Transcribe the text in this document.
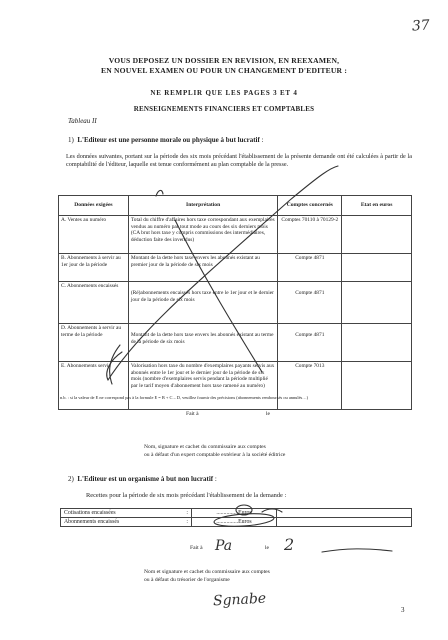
37
VOUS DEPOSEZ UN DOSSIER EN REVISION, EN REEXAMEN,
EN NOUVEL EXAMEN OU POUR UN CHANGEMENT D'EDITEUR :
NE REMPLIR QUE LES PAGES 3 ET 4
RENSEIGNEMENTS FINANCIERS ET COMPTABLES
Tableau II
1) L'Editeur est une personne morale ou physique à but lucratif :
Les données suivantes, portant sur la période des six mois précédant l'établissement de la présente demande ont été calculées à partir de la comptabilité de l'éditeur, laquelle est tenue conformément au plan comptable de la presse.
Données exigées	Interprétation	Comptes concernés	Etat en euros
A. Ventes au numéro	Total du chiffre d'affaires hors taxe correspondant aux exemplaires vendus au numéro par tout mode au cours des six derniers mois (CA brut hors taxe y compris commissions des intermédiaires, déduction faite des invendus)	Comptes 70110 à 70129-2	
B. Abonnements à servir au 1er jour de la période	Montant de la dette hors taxe envers les abonnés existant au premier jour de la période de six mois	Compte 4871	
C. Abonnements encaissés	(Ré)abonnements encaissés hors taxe entre le 1er jour et le dernier jour de la période de six mois	Compte 4871	
D. Abonnements à servir au terme de la période	Montant de la dette hors taxe envers les abonnés existant au terme de la période de six mois	Compte 4871	
E. Abonnements servis	Valorisation hors taxe du nombre d'exemplaires payants servis aux abonnés entre le 1er jour et le dernier jour de la période de six mois (nombre d'exemplaires servis pendant la période multiplié par le tarif moyen d'abonnement hors taxe ramené au numéro)	Compte 7013	
n.b. : si la valeur de E ne correspond pas à la formule E = B + C – D, veuillez fournir des précisions (abonnements remboursés ou annulés…)
Fait à	le
Nom, signature et cachet du commissaire aux comptes
ou à défaut d'un expert comptable extérieur à la société éditrice
2) L'Editeur est un organisme à but non lucratif :
Recettes pour la période de six mois précédant l'établissement de la demande :
Cotisations encaissées :	...............Euros	
Abonnements encaissés :	...............Euros	
Fait à Pa	le 2
Nom et signature et cachet du commissaire aux comptes
ou à défaut du trésorier de l'organisme
Sgnabe
3
